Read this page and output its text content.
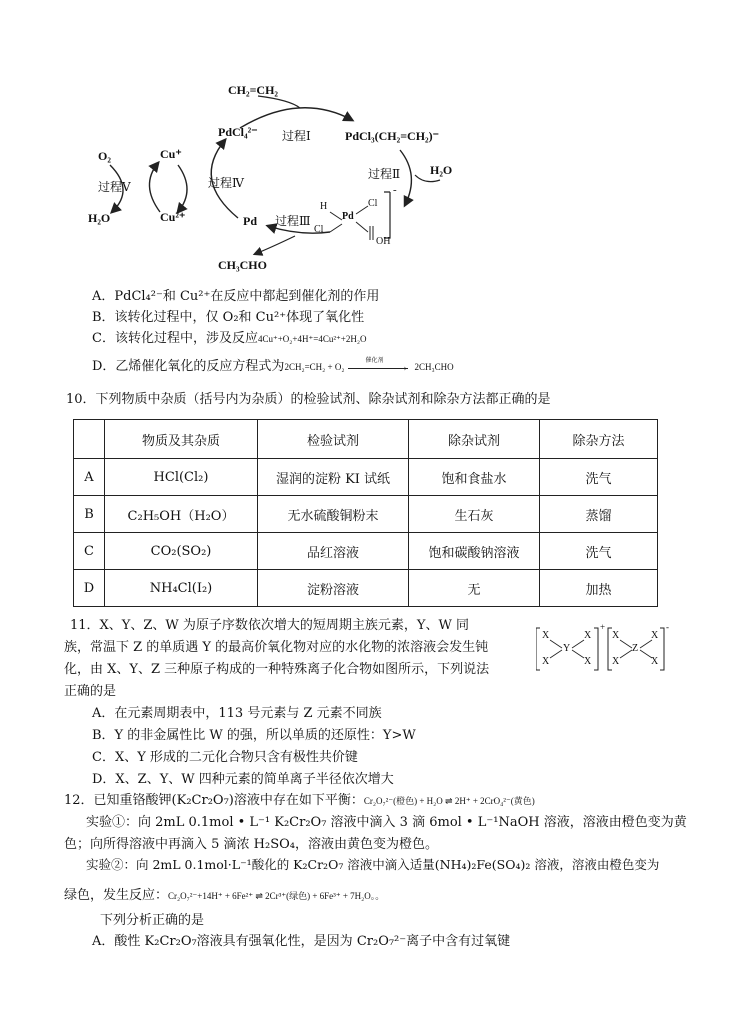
CH₂=CH₂
PdCl₄²⁻ 过程Ⅰ	PdCl₃(CH₂=CH₂)⁻
H₂O
过程Ⅱ
O₂	Cu⁺
过程Ⅴ	过程Ⅳ
H₂O	Cu²⁺	Pd 过程Ⅲ	Pd
H	Cl
Cl
OH
-
CH₃CHO
A．PdCl₄²⁻和 Cu²⁺在反应中都起到催化剂的作用
B．该转化过程中，仅 O₂和 Cu²⁺体现了氧化性
C．该转化过程中，涉及反应4Cu⁺+O₂+4H⁺=4Cu²⁺+2H₂O
D．乙烯催化氧化的反应方程式为2CH₂=CH₂ + O₂
催化剂
› 2CH₃CHO
10．下列物质中杂质（括号内为杂质）的检验试剂、除杂试剂和除杂方法都正确的是
	物质及其杂质	检验试剂	除杂试剂	除杂方法
A	HCl(Cl₂)	湿润的淀粉 KI 试纸	饱和食盐水	洗气
B	C₂H₅OH（H₂O）	无水硫酸铜粉末	生石灰	蒸馏
C	CO₂(SO₂)	品红溶液	饱和碳酸钠溶液	洗气
D	NH₄Cl(I₂)	淀粉溶液	无	加热
11．X、Y、Z、W 为原子序数依次增大的短周期主族元素，Y、W 同
族，常温下 Z 的单质遇 Y 的最高价氧化物对应的水化物的浓溶液会发生钝
化，由 X、Y、Z 三种原子构成的一种特殊离子化合物如图所示，下列说法
正确的是
X
X
Y
X
X
+
X
X
Z
X
X
-
A．在元素周期表中，113 号元素与 Z 元素不同族
B．Y 的非金属性比 W 的强，所以单质的还原性：Y>W
C．X、Y 形成的二元化合物只含有极性共价键
D．X、Z、Y、W 四种元素的简单离子半径依次增大
12．已知重铬酸钾(K₂Cr₂O₇)溶液中存在如下平衡：Cr₂O₇²⁻(橙色) + H₂O ⇌ 2H⁺ + 2CrO₄²⁻(黄色)
实验①：向 2mL 0.1mol • L⁻¹ K₂Cr₂O₇ 溶液中滴入 3 滴 6mol • L⁻¹NaOH 溶液，溶液由橙色变为黄
色；向所得溶液中再滴入 5 滴浓 H₂SO₄，溶液由黄色变为橙色。
实验②：向 2mL 0.1mol·L⁻¹酸化的 K₂Cr₂O₇ 溶液中滴入适量(NH₄)₂Fe(SO₄)₂ 溶液，溶液由橙色变为
绿色，发生反应：Cr₂O₇²⁻+14H⁺ + 6Fe²⁺ ⇌ 2Cr³⁺(绿色) + 6Fe³⁺ + 7H₂O。。
下列分析正确的是
A．酸性 K₂Cr₂O₇溶液具有强氧化性，是因为 Cr₂O₇²⁻离子中含有过氧键
